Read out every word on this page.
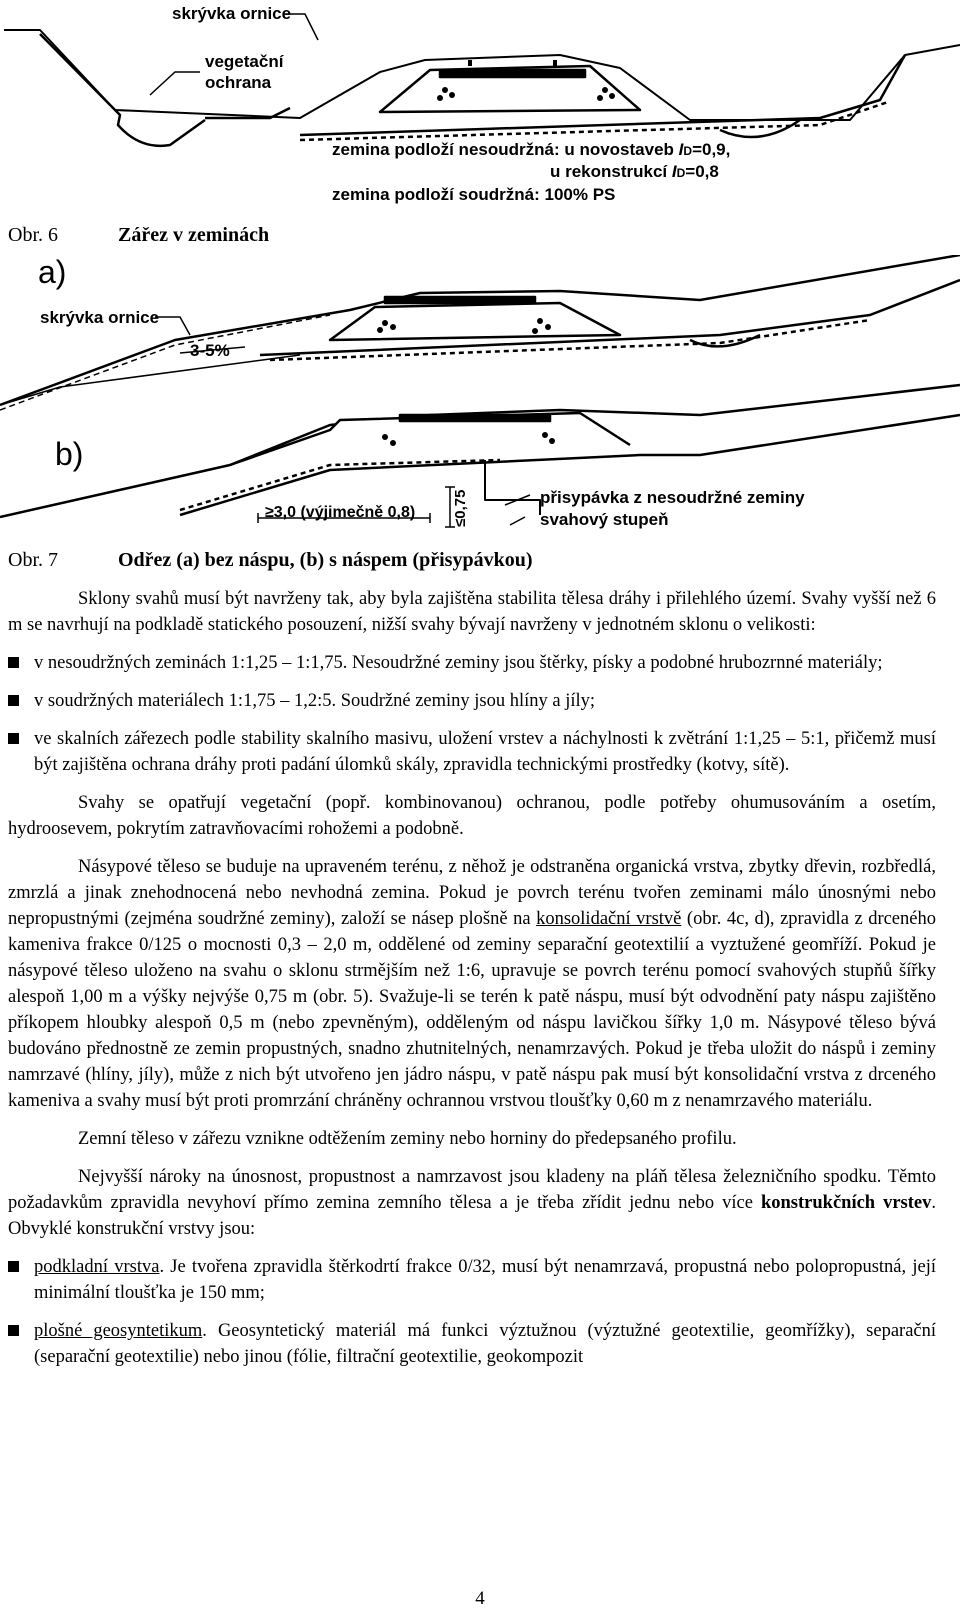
skrývka ornice
vegetační
ochrana
zemina podloží nesoudržná: u novostaveb ID=0,9,
u rekonstrukcí ID=0,8
zemina podloží soudržná: 100% PS
Obr. 6	Zářez v zeminách
a)
skrývka ornice
3-5%
b)
≥3,0 (výjimečně 0,8) ≤0,75	přisypávka z nesoudržné zeminy
svahový stupeň
Obr. 7	Odřez (a) bez náspu, (b) s náspem (přisypávkou)

Sklony svahů musí být navrženy tak, aby byla zajištěna stabilita tělesa dráhy i přilehlého území. Svahy vyšší než 6 m se navrhují na podkladě statického posouzení, nižší svahy bývají navrženy v jednotném sklonu o velikosti:

v nesoudržných zeminách 1:1,25 – 1:1,75. Nesoudržné zeminy jsou štěrky, písky a podobné hrubozrnné materiály;
v soudržných materiálech 1:1,75 – 1,2:5. Soudržné zeminy jsou hlíny a jíly;
ve skalních zářezech podle stability skalního masivu, uložení vrstev a náchylnosti k zvětrání 1:1,25 – 5:1, přičemž musí být zajištěna ochrana dráhy proti padání úlomků skály, zpravidla technickými prostředky (kotvy, sítě).

Svahy se opatřují vegetační (popř. kombinovanou) ochranou, podle potřeby ohumusováním a osetím, hydroosevem, pokrytím zatravňovacími rohožemi a podobně.

Násypové těleso se buduje na upraveném terénu, z něhož je odstraněna organická vrstva, zbytky dřevin, rozbředlá, zmrzlá a jinak znehodnocená nebo nevhodná zemina. Pokud je povrch terénu tvořen zeminami málo únosnými nebo nepropustnými (zejména soudržné zeminy), založí se násep plošně na konsolidační vrstvě (obr. 4c, d), zpravidla z drceného kameniva frakce 0/125 o mocnosti 0,3 – 2,0 m, oddělené od zeminy separační geotextilií a vyztužené geomříží. Pokud je násypové těleso uloženo na svahu o sklonu strmějším než 1:6, upravuje se povrch terénu pomocí svahových stupňů šířky alespoň 1,00 m a výšky nejvýše 0,75 m (obr. 5). Svažuje-li se terén k patě náspu, musí být odvodnění paty náspu zajištěno příkopem hloubky alespoň 0,5 m (nebo zpevněným), odděleným od náspu lavičkou šířky 1,0 m. Násypové těleso bývá budováno přednostně ze zemin propustných, snadno zhutnitelných, nenamrzavých. Pokud je třeba uložit do náspů i zeminy namrzavé (hlíny, jíly), může z nich být utvořeno jen jádro náspu, v patě náspu pak musí být konsolidační vrstva z drceného kameniva a svahy musí být proti promrzání chráněny ochrannou vrstvou tloušťky 0,60 m z nenamrzavého materiálu.

Zemní těleso v zářezu vznikne odtěžením zeminy nebo horniny do předepsaného profilu.

Nejvyšší nároky na únosnost, propustnost a namrzavost jsou kladeny na pláň tělesa železničního spodku. Těmto požadavkům zpravidla nevyhoví přímo zemina zemního tělesa a je třeba zřídit jednu nebo více konstrukčních vrstev. Obvyklé konstrukční vrstvy jsou:

podkladní vrstva. Je tvořena zpravidla štěrkodrtí frakce 0/32, musí být nenamrzavá, propustná nebo polopropustná, její minimální tloušťka je 150 mm;
plošné geosyntetikum. Geosyntetický materiál má funkci výztužnou (výztužné geotextilie, geomřížky), separační (separační geotextilie) nebo jinou (fólie, filtrační geotextilie, geokompozit
4
